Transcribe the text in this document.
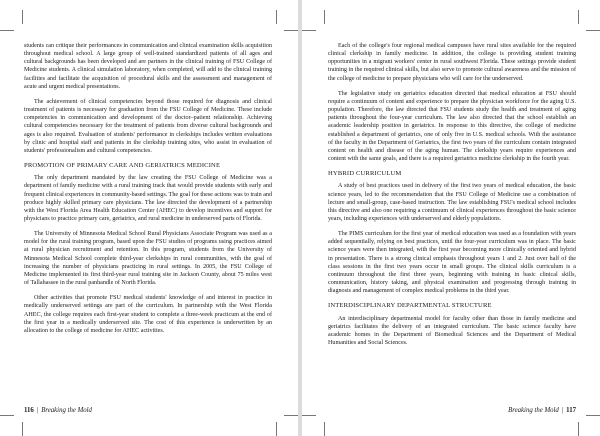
students can critique their performances in communication and clinical examination skills acquisition throughout medical school. A large group of well-trained standardized patients of all ages and cultural backgrounds has been developed and are partners in the clinical training of FSU College of Medicine students. A clinical simulation laboratory, when completed, will add to the clinical training facilities and facilitate the acquisition of procedural skills and the assessment and management of acute and urgent medical presentations.

The achievement of clinical competencies beyond those required for diagnosis and clinical treatment of patients is necessary for graduation from the FSU College of Medicine. These include competencies in communication and development of the doctor–patient relationship. Achieving cultural competencies necessary for the treatment of patients from diverse cultural backgrounds and ages is also required. Evaluation of students' performance in clerkships includes written evaluations by clinic and hospital staff and patients in the clerkship training sites, who assist in evaluation of students' professionalism and cultural competencies.

PROMOTION OF PRIMARY CARE AND GERIATRICS MEDICINE

The only department mandated by the law creating the FSU College of Medicine was a department of family medicine with a rural training track that would provide students with early and frequent clinical experiences in community-based settings. The goal for these actions was to train and produce highly skilled primary care physicians. The law directed the development of a partnership with the West Florida Area Health Education Center (AHEC) to develop incentives and support for physicians to practice primary care, geriatrics, and rural medicine in underserved parts of Florida.

The University of Minnesota Medical School Rural Physicians Associate Program was used as a model for the rural training program, based upon the FSU studies of programs using practices aimed at rural physician recruitment and retention. In this program, students from the University of Minnesota Medical School complete third-year clerkships in rural communities, with the goal of increasing the number of physicians practicing in rural settings. In 2005, the FSU College of Medicine implemented its first third-year rural training site in Jackson County, about 75 miles west of Tallahassee in the rural panhandle of North Florida.

Other activities that promote FSU medical students' knowledge of and interest in practice in medically underserved settings are part of the curriculum. In partnership with the West Florida AHEC, the college requires each first-year student to complete a three-week practicum at the end of the first year in a medically underserved site. The cost of this experience is underwritten by an allocation to the college of medicine for AHEC activities.

116 | Breaking the Mold

Each of the college's four regional medical campuses have rural sites available for the required clinical clerkship in family medicine. In addition, the college is providing student training opportunities in a migrant workers' center in rural southwest Florida. These settings provide student training in the required clinical skills, but also serve to promote cultural awareness and the mission of the college of medicine to prepare physicians who will care for the underserved.

The legislative study on geriatrics education directed that medical education at FSU should require a continuum of content and experience to prepare the physician workforce for the aging U.S. population. Therefore, the law directed that FSU students study the health and treatment of aging patients throughout the four-year curriculum. The law also directed that the school establish an academic leadership position in geriatrics. In response to this directive, the college of medicine established a department of geriatrics, one of only five in U.S. medical schools. With the assistance of the faculty in the Department of Geriatrics, the first two years of the curriculum contain integrated content on health and disease of the aging human. The clerkship years require experiences and content with the same goals, and there is a required geriatrics medicine clerkship in the fourth year.

HYBRID CURRICULUM

A study of best practices used in delivery of the first two years of medical education, the basic science years, led to the recommendation that the FSU College of Medicine use a combination of lecture and small-group, case-based instruction. The law establishing FSU's medical school includes this directive and also one requiring a continuum of clinical experiences throughout the basic science years, including experiences with underserved and elderly populations.

The PIMS curriculum for the first year of medical education was used as a foundation with years added sequentially, relying on best practices, until the four-year curriculum was in place. The basic science years were then integrated, with the first year becoming more clinically oriented and hybrid in presentation. There is a strong clinical emphasis throughout years 1 and 2. Just over half of the class sessions in the first two years occur in small groups. The clinical skills curriculum is a continuum throughout the first three years, beginning with training in basic clinical skills, communication, history taking, and physical examination and progressing through training in diagnosis and management of complex medical problems in the third year.

INTERDISCIPLINARY DEPARTMENTAL STRUCTURE

An interdisciplinary departmental model for faculty other than those in family medicine and geriatrics facilitates the delivery of an integrated curriculum. The basic science faculty have academic homes in the Department of Biomedical Sciences and the Department of Medical Humanities and Social Sciences.

Breaking the Mold | 117
